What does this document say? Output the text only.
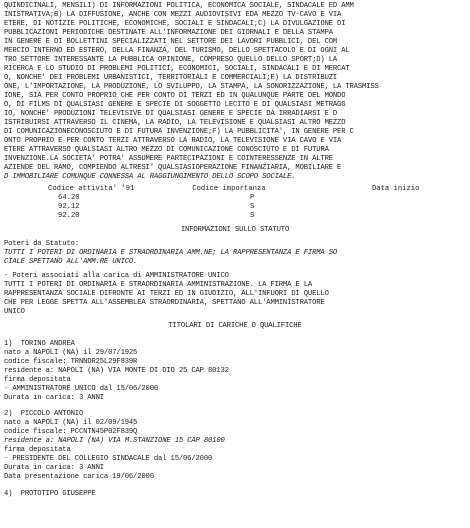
QUINDICINALI, MENSILI) DI INFORMAZIONI POLITICA, ECONOMICA SOCIALE, SINDACALE ED AMM
INISTRATIVA;B) LA DIFFUSIONE, ANCHE CON MEZZI AUDIOVISIVI EDA MEZZO TV-CAVO E VIA
ETERE, DI NOTIZIE POLITICHE, ECONOMICHE, SOCIALI E SINDACALI;C) LA DIVULGAZIONE DI
PUBBLICAZIONI PERIODICHE DESTINATE ALL'INFORMAZIONE DEI GIORNALI E DELLA STAMPA
IN GENERE E DI BOLLETTINI SPECIALIZZATI NEL SETTORE DEI LAVORI PUBBLICI, DEL COM
MERCIO INTERNO ED ESTERO, DELLA FINANZA, DEL TURISMO, DELLO SPETTACOLO E DI OGNI AL
TRO SETTORE INTERESSANTE LA PUBBLICA OPINIONE, COMPRESO QUELLO DELLO SPORT;D) LA
RICERCA E LO STUDIO DI PROBLEMI POLITICI, ECONOMICI, SOCIALI, SINDACALI E DI MERCAT
O, NONCHE' DEI PROBLEMI URBANISTICI, TERRITORIALI E COMMERCIALI;E) LA DISTRIBUZI
ONE, L'IMPORTAZIONE, LA PRODUZIONE, LO SVILUPPO, LA STAMPA, LA SONORIZZAZIONE, LA TRASMISS
IONE, SIA PER CONTO PROPRIO CHE PER CONTO DI TERZI ED IN QUALUNQUE PARTE DEL MONDO
O, DI FILMS DI QUALSIASI GENERE E SPECIE DI SOGGETTO LECITO E DI QUALSIASI METRAGG
IO, NONCHE' PRODUZIONI TELEVISIVE DI QUALSIASI GENERE E SPECIE DA IRRADIARSI E D
ISTRIBUIRSI ATTRAVERSO IL CINEMA, LA RADIO, LA TELEVISIONE E QUALSIASI ALTRO MEZZO
DI COMUNICAZIONECONOSCIUTO E DI FUTURA INVENZIONE;F) LA PUBBLICITA', IN GENERE PER C
ONTO PROPRIO E PER CONTO TERZI ATTRAVERSO LA RADIO, LA TELEVISIONE VIA CAVO E VIA
ETERE ATTRAVERSO QUALSIASI ALTRO MEZZO DI COMUNICAZIONE CONOSCIUTO E DI FUTURA
INVENZIONE.LA SOCIETA' POTRA' ASSUMERE PARTECIPAZIONI E COINTERESSENZE IN ALTRE
AZIENDE DEL RAMO, COMPIENDO ALTRESI' QUALSIASIOPERAZIONE FINANZIARIA, MOBILIARE E
D IMMOBILIARE COMUNQUE CONNESSA AL RAGGIUNGIMENTO DELLO SCOPO SOCIALE.
Codice attivita' '91	Codice importanza	Data inizio
64.20	P
92.12	S
92.20	S
INFORMAZIONI SULLO STATUTO
Poteri da Statuto:
TUTTI I POTERI DI ORDINARIA E STRAORDINARIA AMM.NE; LA RAPPRESENTANZA E FIRMA SO
CIALE SPETTANO ALL'AMM.RE UNICO.
- Poteri associati alla carica di AMMINISTRATORE UNICO
TUTTI I POTERI DI ORDINARIA E STRAORDINARIA AMMINISTRAZIONE. LA FIRMA E LA
RAPPRESENTANZA SOCIALE DIFRONTE AI TERZI ED IN GIUDIZIO, ALL'INFUORI DI QUELLO
CHE PER LEGGE SPETTA ALL'ASSEMBLEA STRAORDINARIA, SPETTANO ALL'AMMINISTRATORE
UNICO
TITOLARI DI CARICHE O QUALIFICHE
1)  TORINO ANDREA
nato a NAPOLI (NA) il 29/07/1925
codice fiscale: TRNNDR25L29F839R
residente a: NAPOLI (NA) VIA MONTE DI DIO 25 CAP 80132
firma depositata
- AMMINISTRATORE UNICO dal 15/06/2000
Durata in carica: 3 ANNI
2)  PICCOLO ANTONIO
nato a NAPOLI (NA) il 02/09/1945
codice fiscale: PCCNTN45P02F839Q
residente a: NAPOLI (NA) VIA M.STANZIONE 15 CAP 80100
firma depositata
- PRESIDENTE DEL COLLEGIO SINDACALE dal 15/06/2000
Durata in carica: 3 ANNI
Data presentazione carica 19/06/2000
4)  PROTOTIPO GIUSEPPE
